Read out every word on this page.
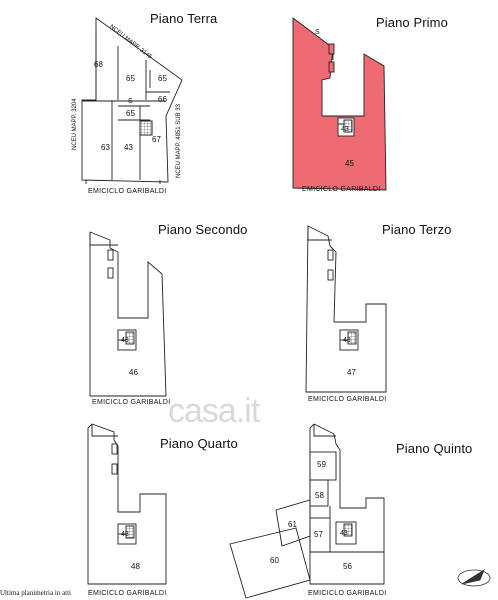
Piano Terra	Piano Primo
Piano Secondo	Piano Terzo
Piano Quarto	Piano Quinto
68
65	65
66
65
63 43
67
S
NCEU MAPP. 3145
NCEU MAPP. 3204	NCEU MAPP. 4851 SUB 33
EMICICLO GARIBALDI
S
43
45
EMICICLO GARIBALDI
43
46
EMICICLO GARIBALDI
43
47
EMICICLO GARIBALDI
43
48
EMICICLO GARIBALDI
59
58
61
57 43
60
56
EMICICLO GARIBALDI
Ultima planimetria in atti
casa.it
